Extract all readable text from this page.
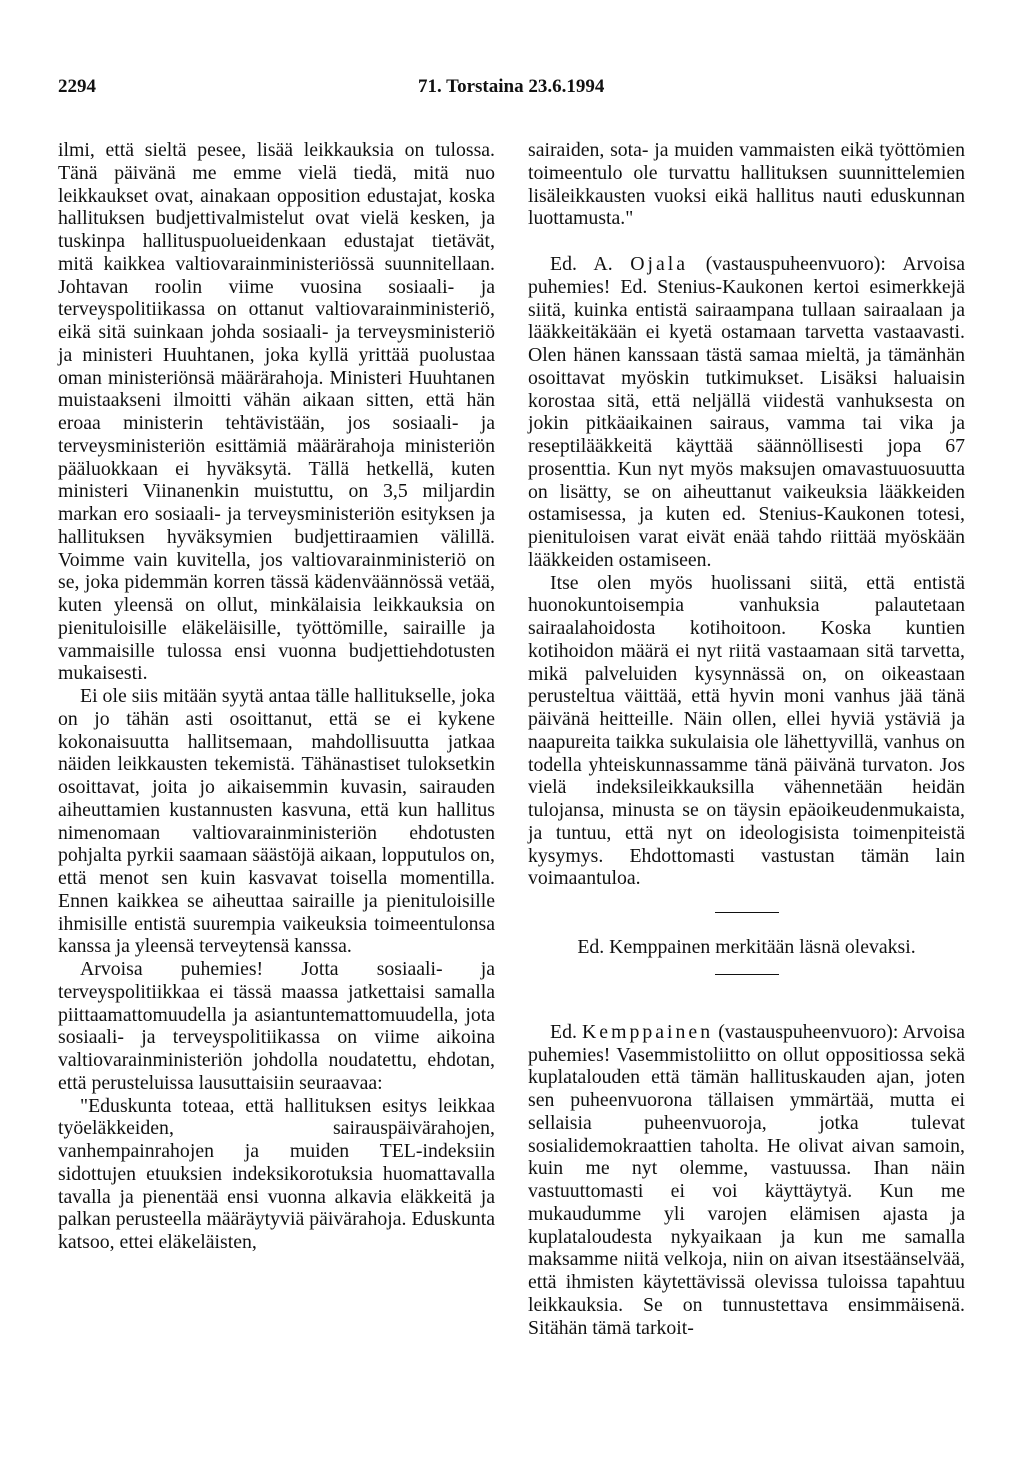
2294	71. Torstaina 23.6.1994

ilmi, että sieltä pesee, lisää leikkauksia on tulossa. Tänä päivänä me emme vielä tiedä, mitä nuo leikkaukset ovat, ainakaan opposition edustajat, koska hallituksen budjettivalmistelut ovat vielä kesken, ja tuskinpa hallituspuolueidenkaan edustajat tietävät, mitä kaikkea valtiovarainministeriössä suunnitellaan. Johtavan roolin viime vuosina sosiaali- ja terveyspolitiikassa on ottanut valtiovarainministeriö, eikä sitä suinkaan johda sosiaali- ja terveysministeriö ja ministeri Huuhtanen, joka kyllä yrittää puolustaa oman ministeriönsä määrärahoja. Ministeri Huuhtanen muistaakseni ilmoitti vähän aikaan sitten, että hän eroaa ministerin tehtävistään, jos sosiaali- ja terveysministeriön esittämiä määrärahoja ministeriön pääluokkaan ei hyväksytä. Tällä hetkellä, kuten ministeri Viinanenkin muistuttu, on 3,5 miljardin markan ero sosiaali- ja terveysministeriön esityksen ja hallituksen hyväksymien budjettiraamien välillä. Voimme vain kuvitella, jos valtiovarainministeriö on se, joka pidemmän korren tässä kädenväännössä vetää, kuten yleensä on ollut, minkälaisia leikkauksia on pienituloisille eläkeläisille, työttömille, sairaille ja vammaisille tulossa ensi vuonna budjettiehdotusten mukaisesti.

Ei ole siis mitään syytä antaa tälle hallitukselle, joka on jo tähän asti osoittanut, että se ei kykene kokonaisuutta hallitsemaan, mahdollisuutta jatkaa näiden leikkausten tekemistä. Tähänastiset tuloksetkin osoittavat, joita jo aikaisemmin kuvasin, sairauden aiheuttamien kustannusten kasvuna, että kun hallitus nimenomaan valtiovarainministeriön ehdotusten pohjalta pyrkii saamaan säästöjä aikaan, lopputulos on, että menot sen kuin kasvavat toisella momentilla. Ennen kaikkea se aiheuttaa sairaille ja pienituloisille ihmisille entistä suurempia vaikeuksia toimeentulonsa kanssa ja yleensä terveytensä kanssa.

Arvoisa puhemies! Jotta sosiaali- ja terveyspolitiikkaa ei tässä maassa jatkettaisi samalla piittaamattomuudella ja asiantuntemattomuudella, jota sosiaali- ja terveyspolitiikassa on viime aikoina valtiovarainministeriön johdolla noudatettu, ehdotan, että perusteluissa lausuttaisiin seuraavaa:

"Eduskunta toteaa, että hallituksen esitys leikkaa työeläkkeiden, sairauspäivärahojen, vanhempainrahojen ja muiden TEL-indeksiin sidottujen etuuksien indeksikorotuksia huomattavalla tavalla ja pienentää ensi vuonna alkavia eläkkeitä ja palkan perusteella määräytyviä päivärahoja. Eduskunta katsoo, ettei eläkeläisten,

sairaiden, sota- ja muiden vammaisten eikä työttömien toimeentulo ole turvattu hallituksen suunnittelemien lisäleikkausten vuoksi eikä hallitus nauti eduskunnan luottamusta."

Ed. A. Ojala (vastauspuheenvuoro): Arvoisa puhemies! Ed. Stenius-Kaukonen kertoi esimerkkejä siitä, kuinka entistä sairaampana tullaan sairaalaan ja lääkkeitäkään ei kyetä ostamaan tarvetta vastaavasti. Olen hänen kanssaan tästä samaa mieltä, ja tämänhän osoittavat myöskin tutkimukset. Lisäksi haluaisin korostaa sitä, että neljällä viidestä vanhuksesta on jokin pitkäaikainen sairaus, vamma tai vika ja reseptilääkkeitä käyttää säännöllisesti jopa 67 prosenttia. Kun nyt myös maksujen omavastuuosuutta on lisätty, se on aiheuttanut vaikeuksia lääkkeiden ostamisessa, ja kuten ed. Stenius-Kaukonen totesi, pienituloisen varat eivät enää tahdo riittää myöskään lääkkeiden ostamiseen.

Itse olen myös huolissani siitä, että entistä huonokuntoisempia vanhuksia palautetaan sairaalahoidosta kotihoitoon. Koska kuntien kotihoidon määrä ei nyt riitä vastaamaan sitä tarvetta, mikä palveluiden kysynnässä on, on oikeastaan perusteltua väittää, että hyvin moni vanhus jää tänä päivänä heitteille. Näin ollen, ellei hyviä ystäviä ja naapureita taikka sukulaisia ole lähettyvillä, vanhus on todella yhteiskunnassamme tänä päivänä turvaton. Jos vielä indeksileikkauksilla vähennetään heidän tulojansa, minusta se on täysin epäoikeudenmukaista, ja tuntuu, että nyt on ideologisista toimenpiteistä kysymys. Ehdottomasti vastustan tämän lain voimaantuloa.

Ed. Kemppainen merkitään läsnä olevaksi.

Ed. Kemppainen (vastauspuheenvuoro): Arvoisa puhemies! Vasemmistoliitto on ollut oppositiossa sekä kuplatalouden että tämän hallituskauden ajan, joten sen puheenvuorona tällaisen ymmärtää, mutta ei sellaisia puheenvuoroja, jotka tulevat sosialidemokraattien taholta. He olivat aivan samoin, kuin me nyt olemme, vastuussa. Ihan näin vastuuttomasti ei voi käyttäytyä. Kun me mukaudumme yli varojen elämisen ajasta ja kuplataloudesta nykyaikaan ja kun me samalla maksamme niitä velkoja, niin on aivan itsestäänselvää, että ihmisten käytettävissä olevissa tuloissa tapahtuu leikkauksia. Se on tunnustettava ensimmäisenä. Sitähän tämä tarkoit-
